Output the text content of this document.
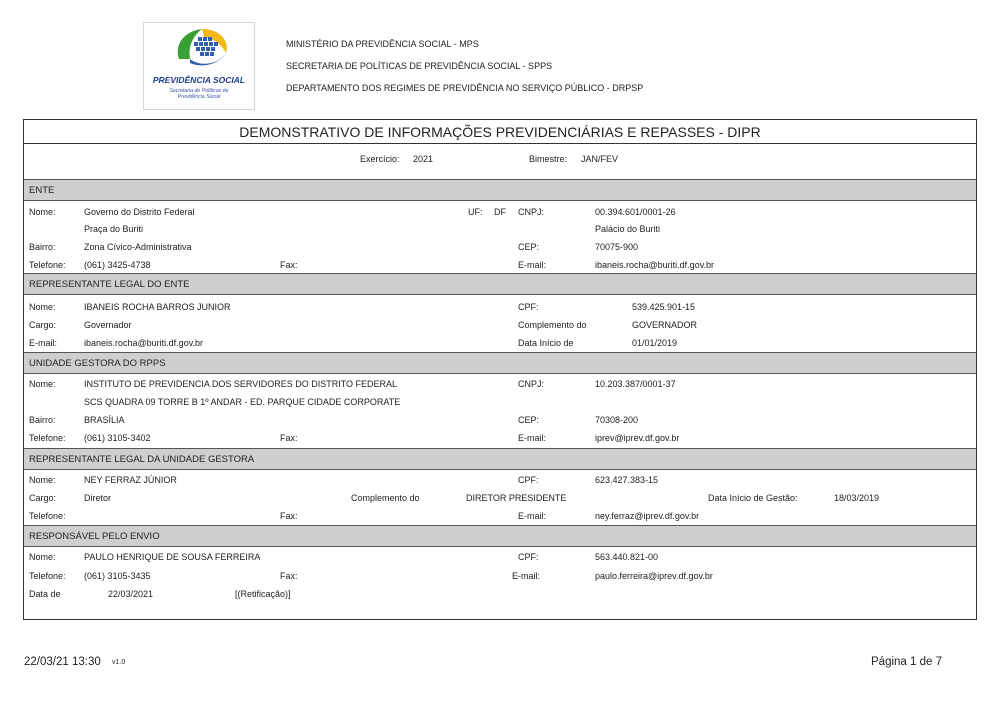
PREVIDÊNCIA SOCIAL
Secretaria de Políticas de
Previdência Social
MINISTÉRIO DA PREVIDÊNCIA SOCIAL - MPS
SECRETARIA DE POLÍTICAS DE PREVIDÊNCIA SOCIAL - SPPS
DEPARTAMENTO DOS REGIMES DE PREVIDÊNCIA NO SERVIÇO PÚBLICO - DRPSP
DEMONSTRATIVO DE INFORMAÇÕES PREVIDENCIÁRIAS E REPASSES - DIPR
Exercício: 2021	Bimestre: JAN/FEV
ENTE
Nome:	Governo do Distrito Federal	UF: DF CNPJ:	00.394.601/0001-26
Praça do Buriti	Palácio do Buriti
Bairro:	Zona Cívico-Administrativa	CEP:	70075-900
Telefone: (061) 3425-4738	Fax:	E-mail:	ibaneis.rocha@buriti.df.gov.br
REPRESENTANTE LEGAL DO ENTE
Nome:	IBANEIS ROCHA BARROS JUNIOR	CPF:	539.425.901-15
Cargo:	Governador	Complemento do	GOVERNADOR
E-mail:	ibaneis.rocha@buriti.df.gov.br	Data Início de	01/01/2019
UNIDADE GESTORA DO RPPS
Nome:	INSTITUTO DE PREVIDENCIA DOS SERVIDORES DO DISTRITO FEDERAL	CNPJ:	10.203.387/0001-37
SCS QUADRA 09 TORRE B 1º ANDAR - ED. PARQUE CIDADE CORPORATE
Bairro:	BRASÍLIA	CEP:	70308-200
Telefone: (061) 3105-3402	Fax:	E-mail:	iprev@iprev.df.gov.br
REPRESENTANTE LEGAL DA UNIDADE GESTORA
Nome:	NEY FERRAZ JÚNIOR	CPF:	623.427.383-15
Cargo:	Diretor	Complemento do	DIRETOR PRESIDENTE	Data Início de Gestão:	18/03/2019
Telefone:	Fax:	E-mail:	ney.ferraz@iprev.df.gov.br
RESPONSÁVEL PELO ENVIO
Nome:	PAULO HENRIQUE DE SOUSA FERREIRA	CPF:	563.440.821-00
Telefone: (061) 3105-3435	Fax:	E-mail:	paulo.ferreira@iprev.df.gov.br
Data de	22/03/2021	[(Retificação)]
22/03/21 13:30 v1.0	Página 1 de 7
